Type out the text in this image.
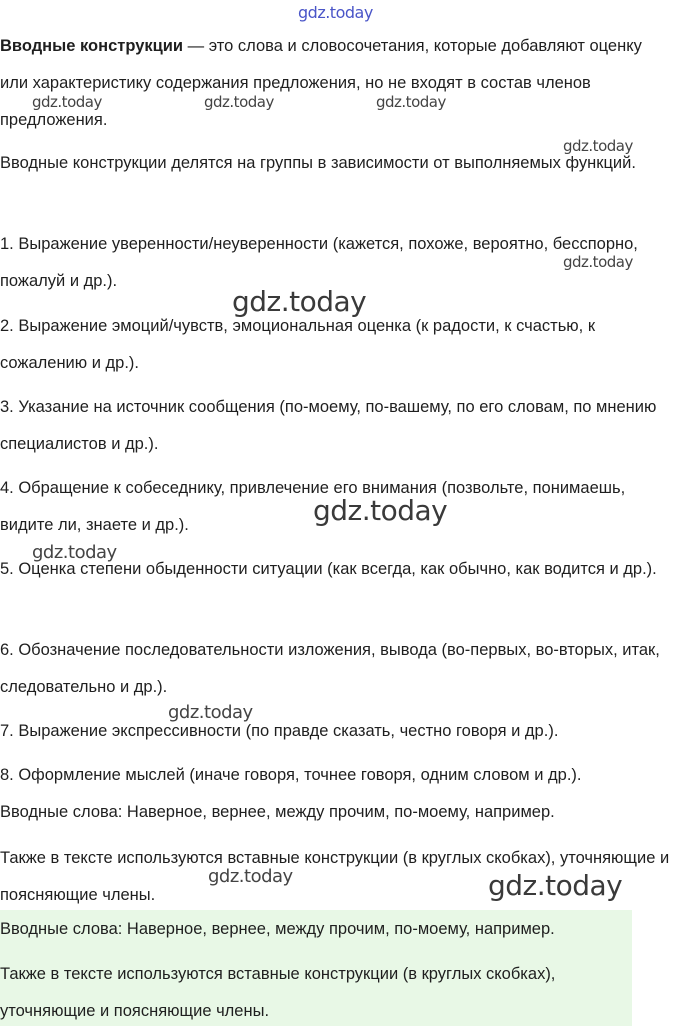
gdz.today
Вводные конструкции — это слова и словосочетания, которые добавляют оценку или характеристику содержания предложения, но не входят в состав членов предложения.
Вводные конструкции делятся на группы в зависимости от выполняемых функций.
1. Выражение уверенности/неуверенности (кажется, похоже, вероятно, бесспорно, пожалуй и др.).
2. Выражение эмоций/чувств, эмоциональная оценка (к радости, к счастью, к сожалению и др.).
3. Указание на источник сообщения (по-моему, по-вашему, по его словам, по мнению специалистов и др.).
4. Обращение к собеседнику, привлечение его внимания (позвольте, понимаешь, видите ли, знаете и др.).
5. Оценка степени обыденности ситуации (как всегда, как обычно, как водится и др.).
6. Обозначение последовательности изложения, вывода (во-первых, во-вторых, итак, следовательно и др.).
7. Выражение экспрессивности (по правде сказать, честно говоря и др.).
8. Оформление мыслей (иначе говоря, точнее говоря, одним словом и др.).
Вводные слова: Наверное, вернее, между прочим, по-моему, например.
Также в тексте используются вставные конструкции (в круглых скобках), уточняющие и поясняющие члены.
Вводные слова: Наверное, вернее, между прочим, по-моему, например.
Также в тексте используются вставные конструкции (в круглых скобках), уточняющие и поясняющие члены.
gdz.today	gdz.today	gdz.today
gdz.today
gdz.today
gdz.today
gdz.today
gdz.today
gdz.today
gdz.today	gdz.today
